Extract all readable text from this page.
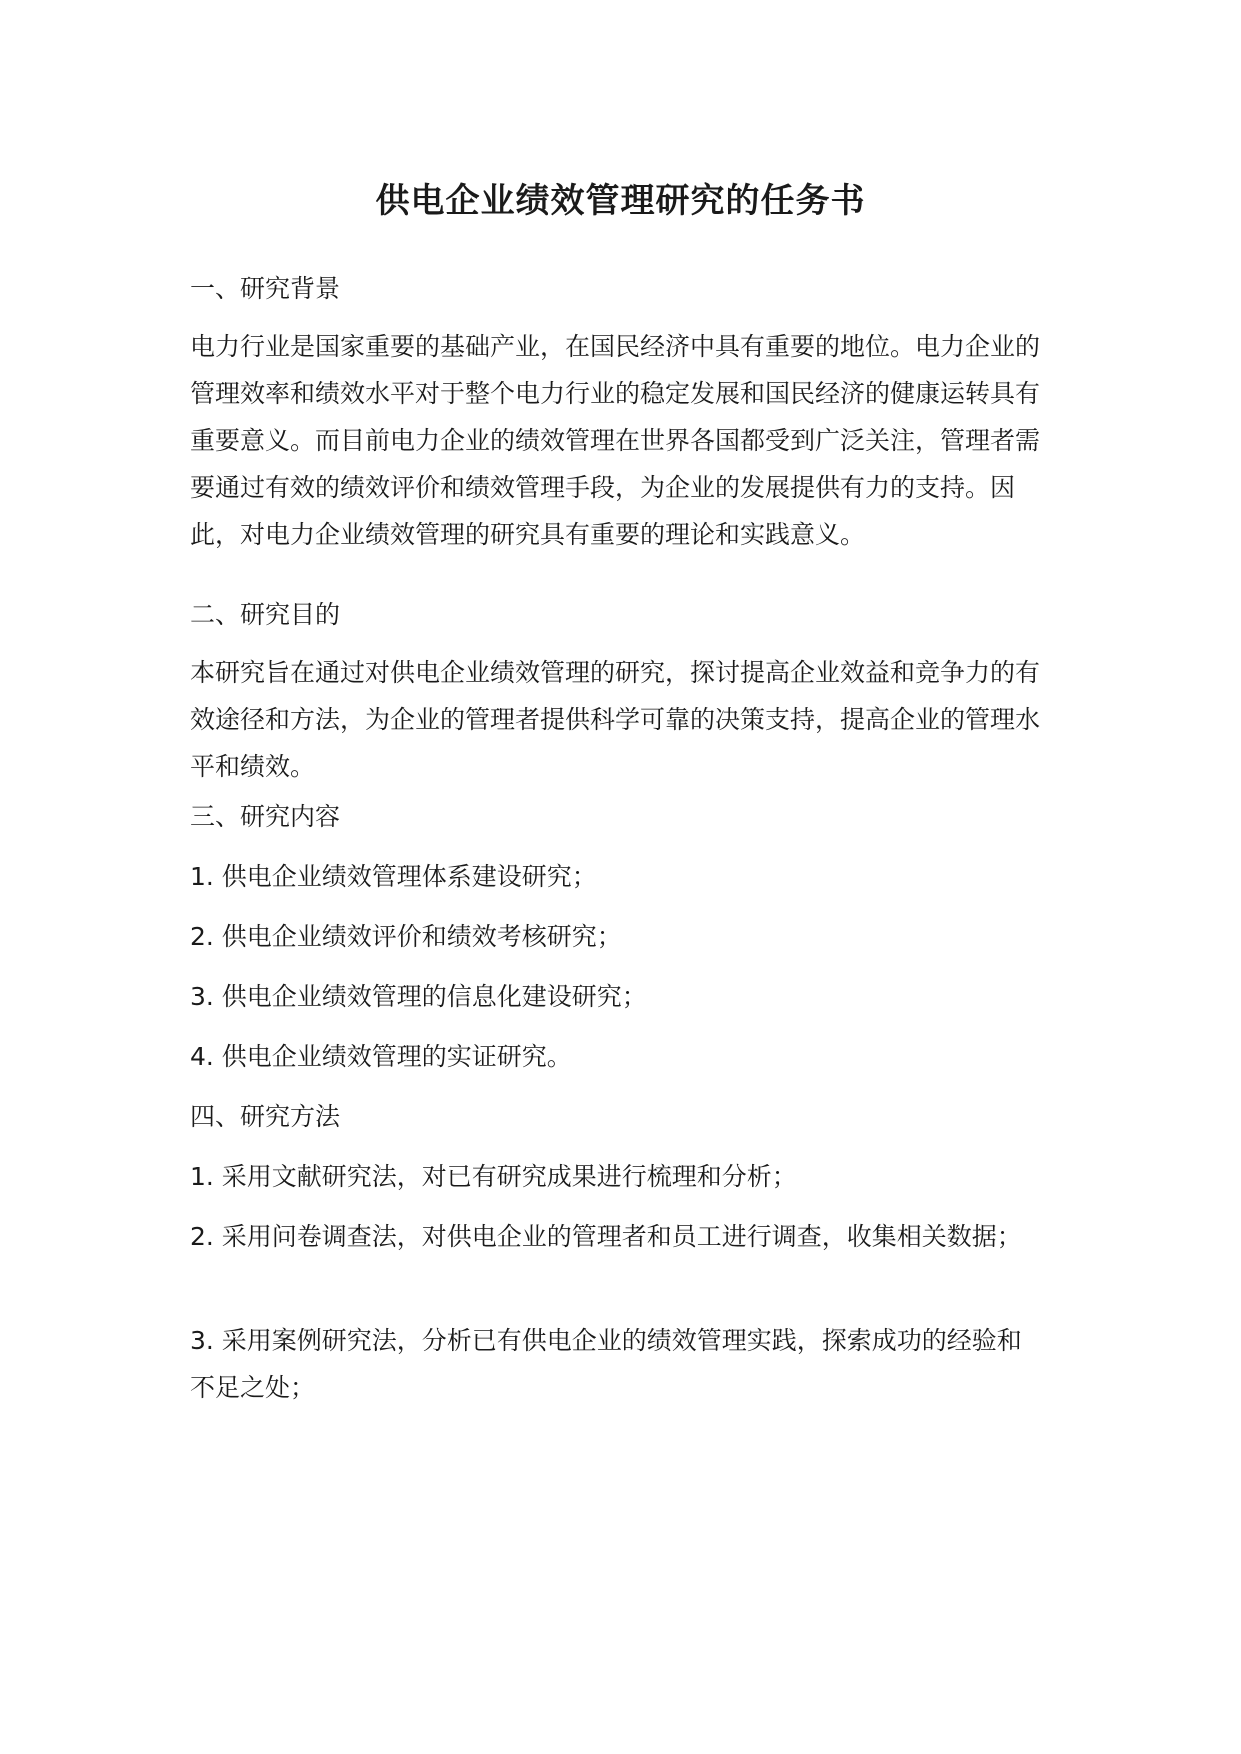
供电企业绩效管理研究的任务书

一、研究背景

电力行业是国家重要的基础产业，在国民经济中具有重要的地位。电力企业的管理效率和绩效水平对于整个电力行业的稳定发展和国民经济的健康运转具有重要意义。而目前电力企业的绩效管理在世界各国都受到广泛关注，管理者需要通过有效的绩效评价和绩效管理手段，为企业的发展提供有力的支持。因此，对电力企业绩效管理的研究具有重要的理论和实践意义。

二、研究目的

本研究旨在通过对供电企业绩效管理的研究，探讨提高企业效益和竞争力的有效途径和方法，为企业的管理者提供科学可靠的决策支持，提高企业的管理水平和绩效。

三、研究内容

1. 供电企业绩效管理体系建设研究；

2. 供电企业绩效评价和绩效考核研究；

3. 供电企业绩效管理的信息化建设研究；

4. 供电企业绩效管理的实证研究。

四、研究方法

1. 采用文献研究法，对已有研究成果进行梳理和分析；

2. 采用问卷调查法，对供电企业的管理者和员工进行调查，收集相关数据；

3. 采用案例研究法，分析已有供电企业的绩效管理实践，探索成功的经验和不足之处；
